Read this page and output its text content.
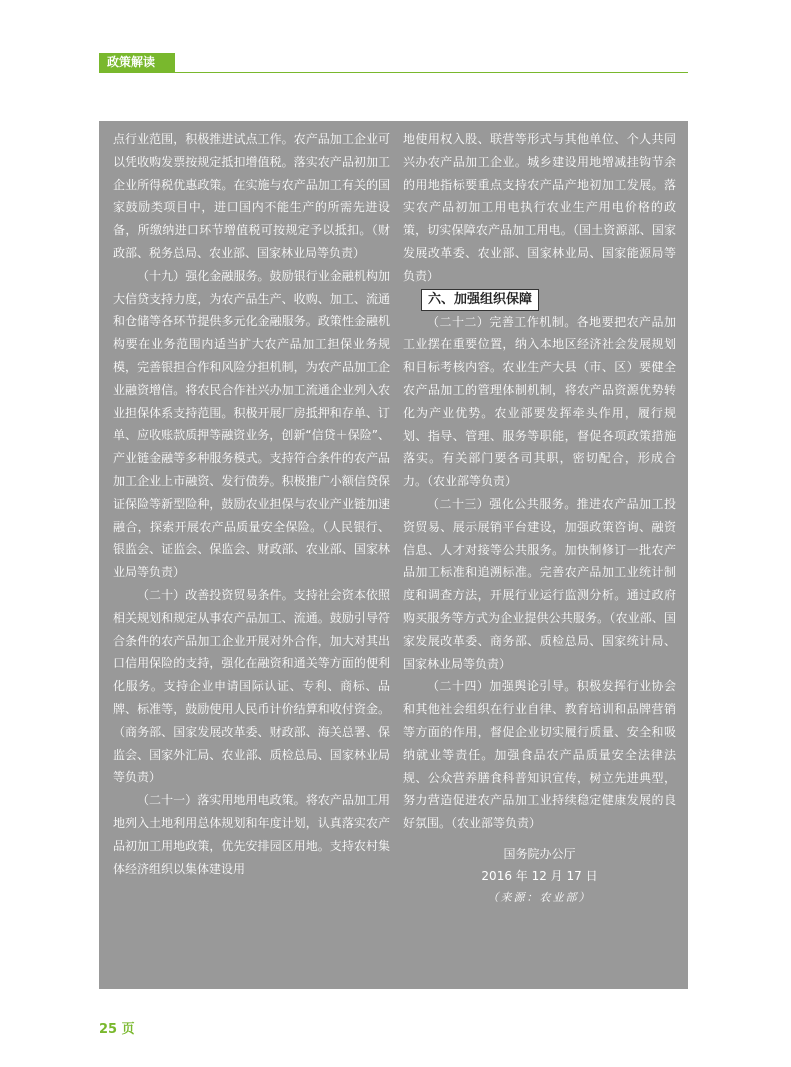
政策解读

点行业范围，积极推进试点工作。农产品加工企业可以凭收购发票按规定抵扣增值税。落实农产品初加工企业所得税优惠政策。在实施与农产品加工有关的国家鼓励类项目中，进口国内不能生产的所需先进设备，所缴纳进口环节增值税可按规定予以抵扣。（财政部、税务总局、农业部、国家林业局等负责）

（十九）强化金融服务。鼓励银行业金融机构加大信贷支持力度，为农产品生产、收购、加工、流通和仓储等各环节提供多元化金融服务。政策性金融机构要在业务范围内适当扩大农产品加工担保业务规模，完善银担合作和风险分担机制，为农产品加工企业融资增信。将农民合作社兴办加工流通企业列入农业担保体系支持范围。积极开展厂房抵押和存单、订单、应收账款质押等融资业务，创新“信贷＋保险”、产业链金融等多种服务模式。支持符合条件的农产品加工企业上市融资、发行债券。积极推广小额信贷保证保险等新型险种，鼓励农业担保与农业产业链加速融合，探索开展农产品质量安全保险。（人民银行、银监会、证监会、保监会、财政部、农业部、国家林业局等负责）

（二十）改善投资贸易条件。支持社会资本依照相关规划和规定从事农产品加工、流通。鼓励引导符合条件的农产品加工企业开展对外合作，加大对其出口信用保险的支持，强化在融资和通关等方面的便利化服务。支持企业申请国际认证、专利、商标、品牌、标准等，鼓励使用人民币计价结算和收付资金。（商务部、国家发展改革委、财政部、海关总署、保监会、国家外汇局、农业部、质检总局、国家林业局等负责）

（二十一）落实用地用电政策。将农产品加工用地列入土地利用总体规划和年度计划，认真落实农产品初加工用地政策，优先安排园区用地。支持农村集体经济组织以集体建设用

地使用权入股、联营等形式与其他单位、个人共同兴办农产品加工企业。城乡建设用地增减挂钩节余的用地指标要重点支持农产品产地初加工发展。落实农产品初加工用电执行农业生产用电价格的政策，切实保障农产品加工用电。（国土资源部、国家发展改革委、农业部、国家林业局、国家能源局等负责）

六、加强组织保障

（二十二）完善工作机制。各地要把农产品加工业摆在重要位置，纳入本地区经济社会发展规划和目标考核内容。农业生产大县（市、区）要健全农产品加工的管理体制机制，将农产品资源优势转化为产业优势。农业部要发挥牵头作用，履行规划、指导、管理、服务等职能，督促各项政策措施落实。有关部门要各司其职，密切配合，形成合力。（农业部等负责）

（二十三）强化公共服务。推进农产品加工投资贸易、展示展销平台建设，加强政策咨询、融资信息、人才对接等公共服务。加快制修订一批农产品加工标准和追溯标准。完善农产品加工业统计制度和调查方法，开展行业运行监测分析。通过政府购买服务等方式为企业提供公共服务。（农业部、国家发展改革委、商务部、质检总局、国家统计局、国家林业局等负责）

（二十四）加强舆论引导。积极发挥行业协会和其他社会组织在行业自律、教育培训和品牌营销等方面的作用，督促企业切实履行质量、安全和吸纳就业等责任。加强食品农产品质量安全法律法规、公众营养膳食科普知识宣传，树立先进典型，努力营造促进农产品加工业持续稳定健康发展的良好氛围。（农业部等负责）

国务院办公厅
2016 年 12 月 17 日
（来源：农业部）
25 页
